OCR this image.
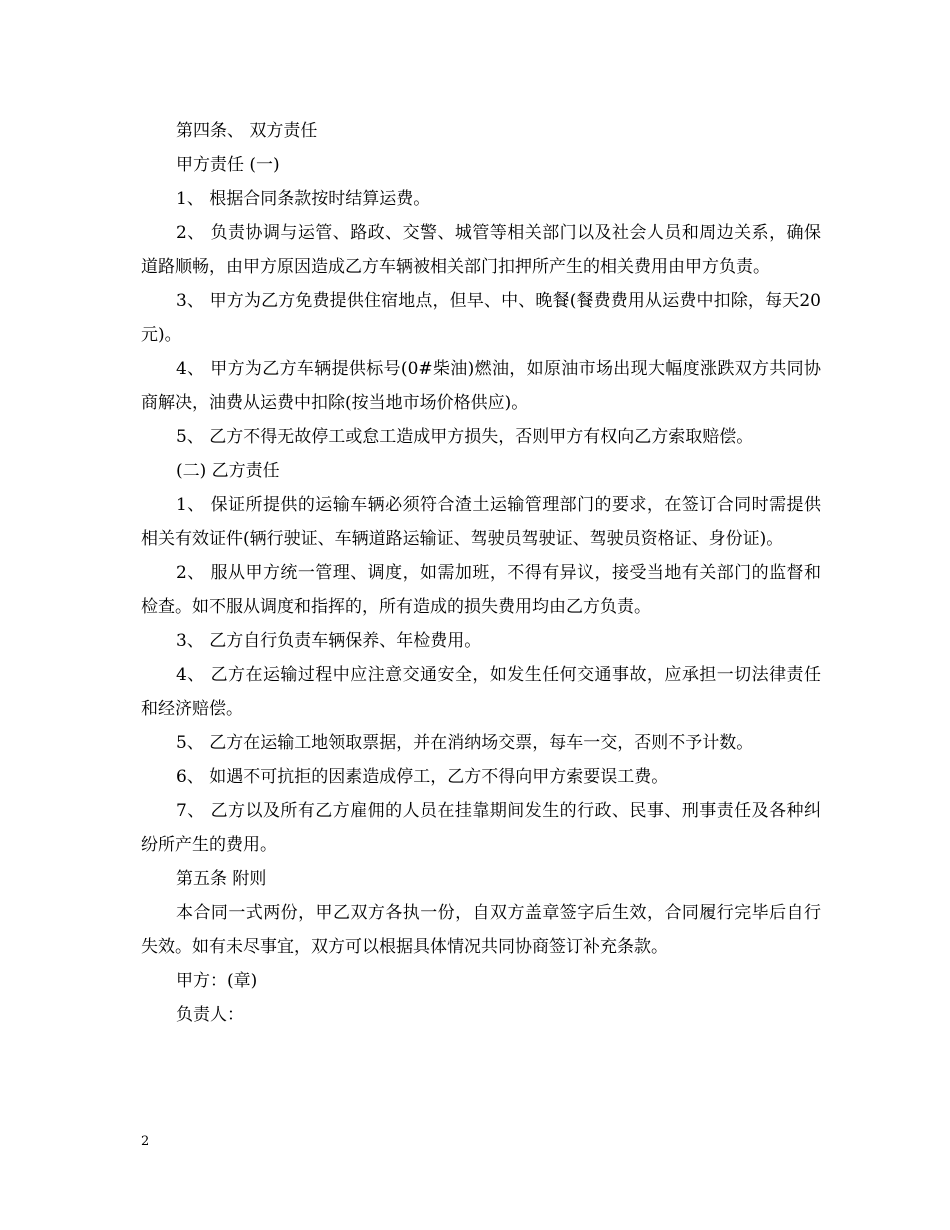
第四条、 双方责任

甲方责任 (一)

1、 根据合同条款按时结算运费。

2、 负责协调与运管、路政、交警、城管等相关部门以及社会人员和周边关系，确保道路顺畅，由甲方原因造成乙方车辆被相关部门扣押所产生的相关费用由甲方负责。

3、 甲方为乙方免费提供住宿地点，但早、中、晚餐(餐费费用从运费中扣除，每天20元)。

4、 甲方为乙方车辆提供标号(0#柴油)燃油，如原油市场出现大幅度涨跌双方共同协商解决，油费从运费中扣除(按当地市场价格供应)。

5、 乙方不得无故停工或怠工造成甲方损失，否则甲方有权向乙方索取赔偿。

(二) 乙方责任

1、 保证所提供的运输车辆必须符合渣土运输管理部门的要求，在签订合同时需提供相关有效证件(辆行驶证、车辆道路运输证、驾驶员驾驶证、驾驶员资格证、身份证)。

2、 服从甲方统一管理、调度，如需加班，不得有异议，接受当地有关部门的监督和检查。如不服从调度和指挥的，所有造成的损失费用均由乙方负责。

3、 乙方自行负责车辆保养、年检费用。

4、 乙方在运输过程中应注意交通安全，如发生任何交通事故，应承担一切法律责任和经济赔偿。

5、 乙方在运输工地领取票据，并在消纳场交票，每车一交，否则不予计数。

6、 如遇不可抗拒的因素造成停工，乙方不得向甲方索要误工费。

7、 乙方以及所有乙方雇佣的人员在挂靠期间发生的行政、民事、刑事责任及各种纠纷所产生的费用。

第五条 附则

本合同一式两份，甲乙双方各执一份，自双方盖章签字后生效，合同履行完毕后自行失效。如有未尽事宜，双方可以根据具体情况共同协商签订补充条款。

甲方：(章)

负责人：

2
